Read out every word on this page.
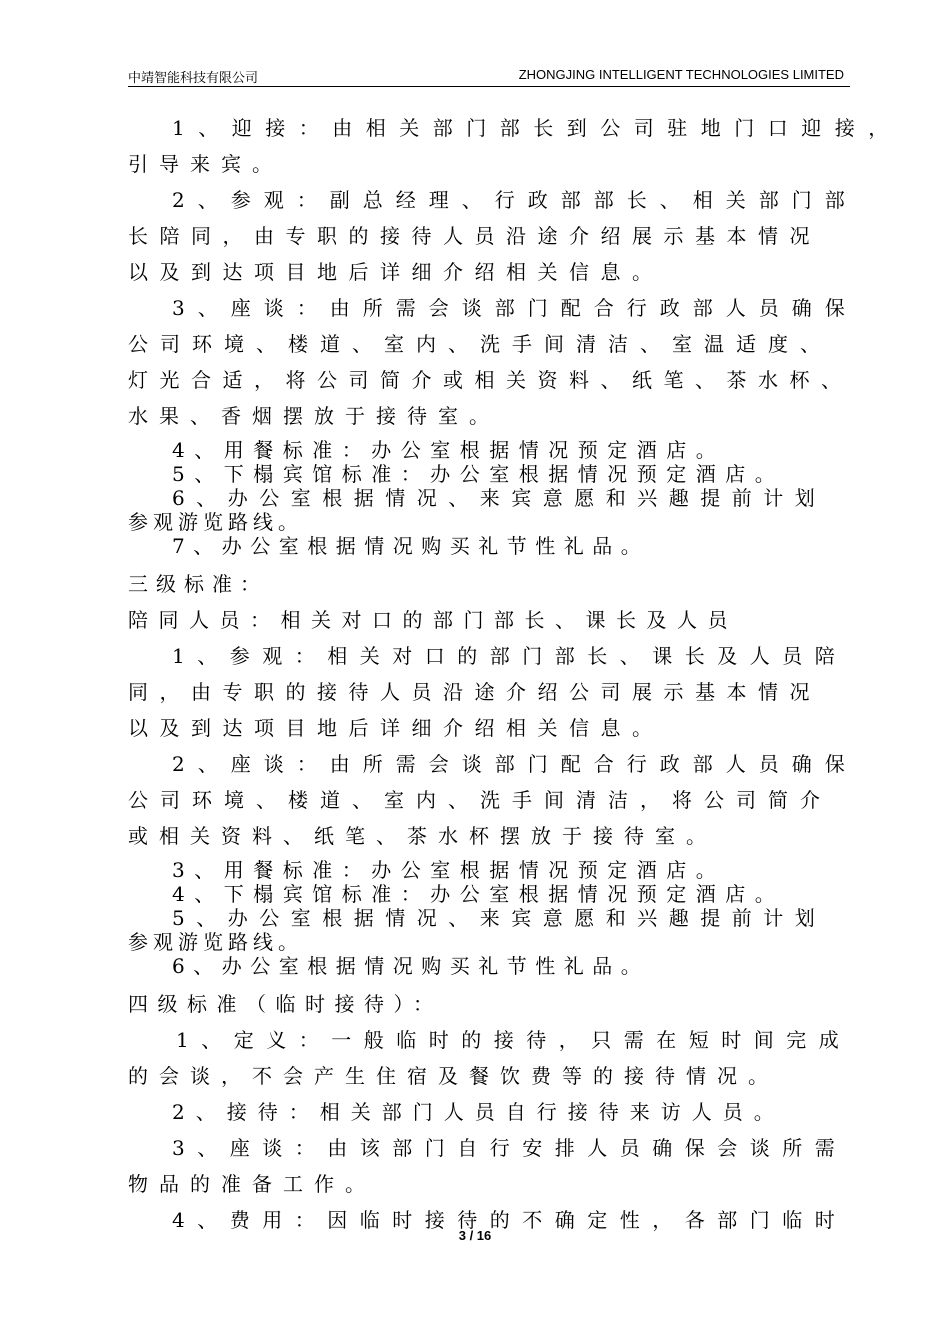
中靖智能科技有限公司	ZHONGJING INTELLIGENT TECHNOLOGIES LIMITED
1、迎接：由相关部门部长到公司驻地门口迎接，
引导来宾。
2、参观：副总经理、行政部部长、相关部门部
长陪同，由专职的接待人员沿途介绍展示基本情况
以及到达项目地后详细介绍相关信息。
3、座谈：由所需会谈部门配合行政部人员确保
公司环境、楼道、室内、洗手间清洁、室温适度、
灯光合适，将公司简介或相关资料、纸笔、茶水杯、
水果、香烟摆放于接待室。
4、用餐标准：办公室根据情况预定酒店。
5、下榻宾馆标准：办公室根据情况预定酒店。
6、办公室根据情况、来宾意愿和兴趣提前计划
参观游览路线。
7、办公室根据情况购买礼节性礼品。
三级标准：
陪同人员：相关对口的部门部长、课长及人员
1、参观：相关对口的部门部长、课长及人员陪
同，由专职的接待人员沿途介绍公司展示基本情况
以及到达项目地后详细介绍相关信息。
2、座谈：由所需会谈部门配合行政部人员确保
公司环境、楼道、室内、洗手间清洁，将公司简介
或相关资料、纸笔、茶水杯摆放于接待室。
3、用餐标准：办公室根据情况预定酒店。
4、下榻宾馆标准：办公室根据情况预定酒店。
5、办公室根据情况、来宾意愿和兴趣提前计划
参观游览路线。
6、办公室根据情况购买礼节性礼品。
四级标准（临时接待）：
1、定义：一般临时的接待，只需在短时间完成
的会谈，不会产生住宿及餐饮费等的接待情况。
2、接待：相关部门人员自行接待来访人员。
3、座谈：由该部门自行安排人员确保会谈所需
物品的准备工作。
4、费用：因临时接待的不确定性，各部门临时
3 / 16
